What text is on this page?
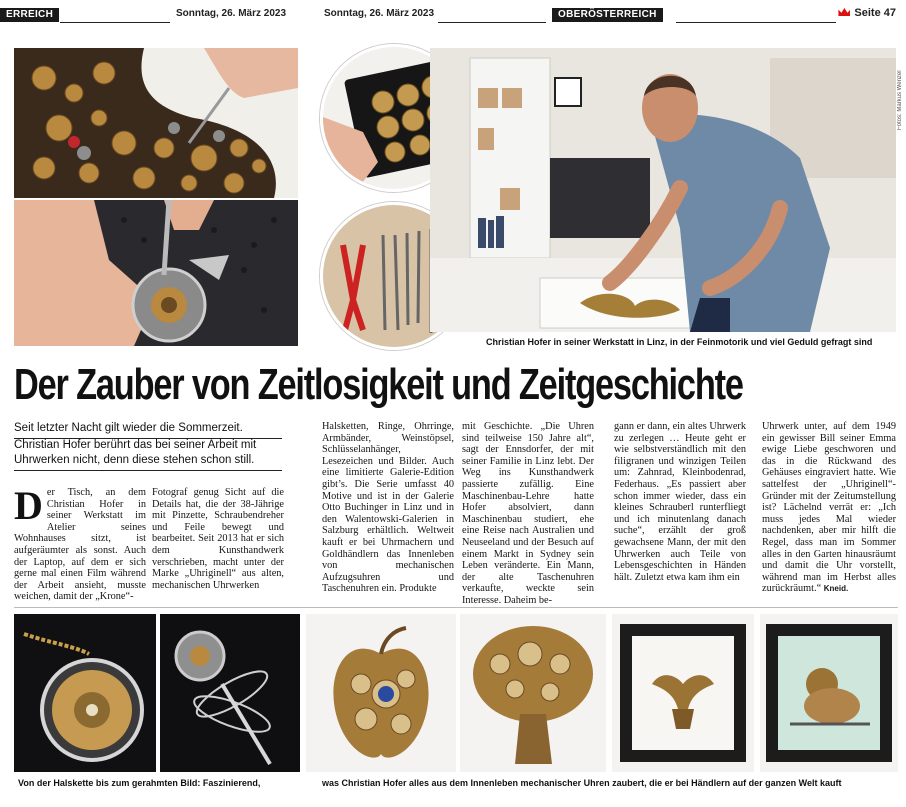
ERREICH	Sonntag, 26. März 2023	Sonntag, 26. März 2023	OBERÖSTERREICH	Seite 47
Fotos: Markus Wenzel
Christian Hofer in seiner Werkstatt in Linz, in der Feinmotorik und viel Geduld gefragt sind
Der Zauber von Zeitlosigkeit und Zeitgeschichte
Seit letzter Nacht gilt wieder die Sommerzeit.
Christian Hofer berührt das bei seiner Arbeit mit Uhrwerken nicht, denn diese stehen schon still.
Der Tisch, an dem Christian Hofer in seiner Werkstatt im Atelier seines Wohnhauses sitzt, ist aufgeräumter als sonst. Auch der Laptop, auf dem er sich gerne mal einen Film während der Arbeit ansieht, musste weichen, damit der „Krone“-
Fotograf genug Sicht auf die Details hat, die der 38-Jährige mit Pinzette, Schraubendreher und Feile bewegt und bearbeitet. Seit 2013 hat er sich dem Kunsthandwerk verschrieben, macht unter der Marke „Uhriginell“ aus alten, mechanischen Uhrwerken
Halsketten, Ringe, Ohrringe, Armbänder, Weinstöpsel, Schlüsselanhänger, Lesezeichen und Bilder. Auch eine limitierte Galerie-Edition gibt’s. Die Serie umfasst 40 Motive und ist in der Galerie Otto Buchinger in Linz und in den Walentowski-Galerien in Salzburg erhältlich. Weltweit kauft er bei Uhrmachern und Goldhändlern das Innenleben von mechanischen Aufzugsuhren und Taschenuhren ein. Produkte
mit Geschichte. „Die Uhren sind teilweise 150 Jahre alt“, sagt der Ennsdorfer, der mit seiner Familie in Linz lebt. Der Weg ins Kunsthandwerk passierte zufällig. Eine Maschinenbau-Lehre hatte Hofer absolviert, dann Maschinenbau studiert, ehe eine Reise nach Australien und Neuseeland und der Besuch auf einem Markt in Sydney sein Leben veränderte. Ein Mann, der alte Taschenuhren verkaufte, weckte sein Interesse. Daheim be-
gann er dann, ein altes Uhrwerk zu zerlegen … Heute geht er wie selbstverständlich mit den filigranen und winzigen Teilen um: Zahnrad, Kleinbodenrad, Federhaus. „Es passiert aber schon immer wieder, dass ein kleines Schrauberl runterfliegt und ich minutenlang danach suche“, erzählt der groß gewachsene Mann, der mit den Uhrwerken auch Teile von Lebensgeschichten in Händen hält. Zuletzt etwa kam ihm ein
Uhrwerk unter, auf dem 1949 ein gewisser Bill seiner Emma ewige Liebe geschworen und das in die Rückwand des Gehäuses eingraviert hatte. Wie sattelfest der „Uhriginell“-Gründer mit der Zeitumstellung ist? Lächelnd verrät er: „Ich muss jedes Mal wieder nachdenken, aber mir hilft die Regel, dass man im Sommer alles in den Garten hinausräumt und damit die Uhr vorstellt, während man im Herbst alles zurückräumt.“ Kneid.
Von der Halskette bis zum gerahmten Bild: Faszinierend,	was Christian Hofer alles aus dem Innenleben mechanischer Uhren zaubert, die er bei Händlern auf der ganzen Welt kauft
